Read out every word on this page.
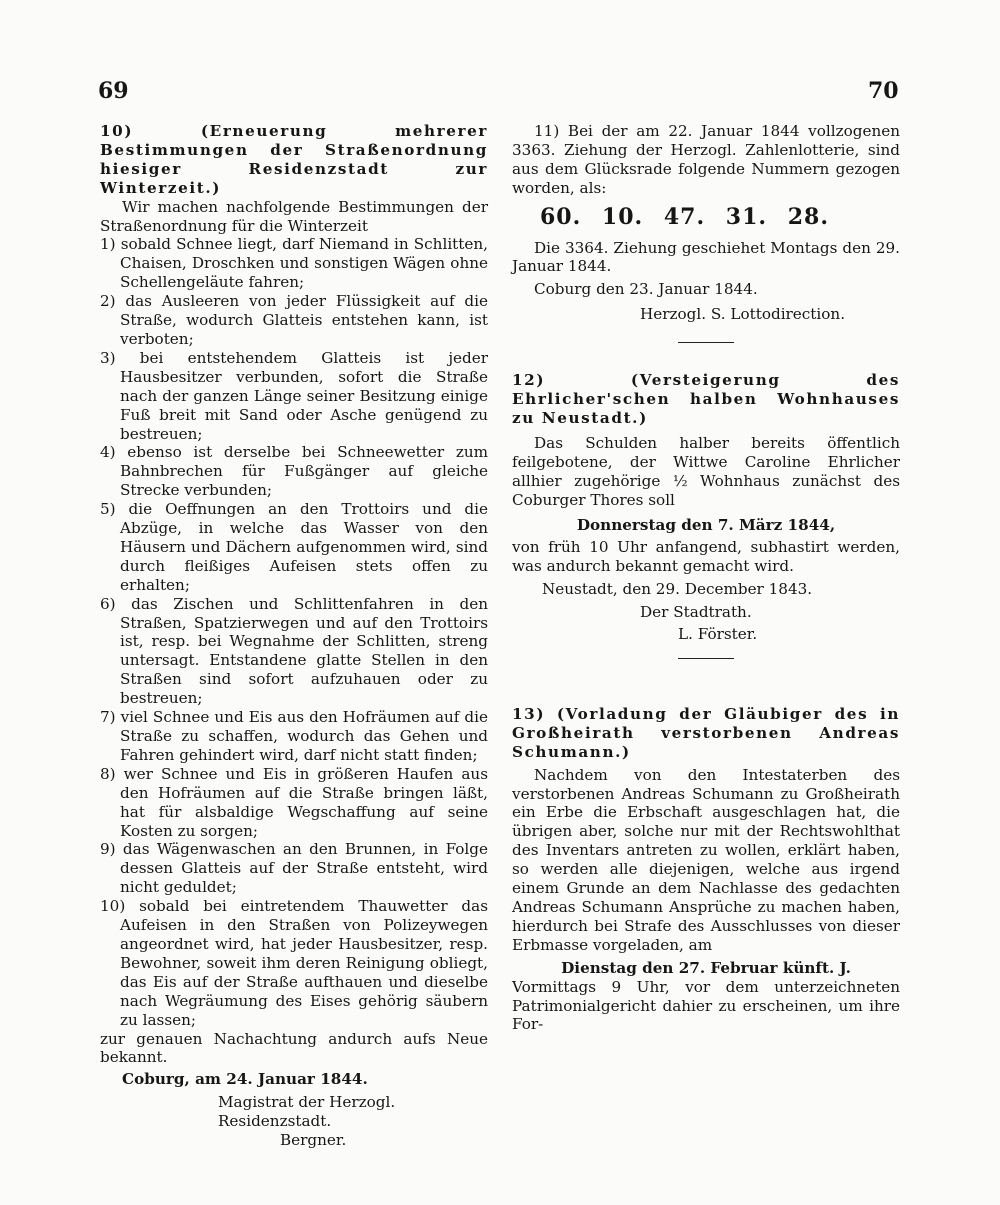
69	70

10) (Erneuerung mehrerer Bestimmungen der Straßenordnung hiesiger Residenzstadt zur Winterzeit.)

Wir machen nachfolgende Bestimmungen der Straßenordnung für die Winterzeit

1) sobald Schnee liegt, darf Niemand in Schlitten, Chaisen, Droschken und sonstigen Wägen ohne Schellengeläute fahren;

2) das Ausleeren von jeder Flüssigkeit auf die Straße, wodurch Glatteis entstehen kann, ist verboten;

3) bei entstehendem Glatteis ist jeder Hausbesitzer verbunden, sofort die Straße nach der ganzen Länge seiner Besitzung einige Fuß breit mit Sand oder Asche genügend zu bestreuen;

4) ebenso ist derselbe bei Schneewetter zum Bahnbrechen für Fußgänger auf gleiche Strecke verbunden;

5) die Oeffnungen an den Trottoirs und die Abzüge, in welche das Wasser von den Häusern und Dächern aufgenommen wird, sind durch fleißiges Aufeisen stets offen zu erhalten;

6) das Zischen und Schlittenfahren in den Straßen, Spatzierwegen und auf den Trottoirs ist, resp. bei Wegnahme der Schlitten, streng untersagt. Entstandene glatte Stellen in den Straßen sind sofort aufzuhauen oder zu bestreuen;

7) viel Schnee und Eis aus den Hofräumen auf die Straße zu schaffen, wodurch das Gehen und Fahren gehindert wird, darf nicht statt finden;

8) wer Schnee und Eis in größeren Haufen aus den Hofräumen auf die Straße bringen läßt, hat für alsbaldige Wegschaffung auf seine Kosten zu sorgen;

9) das Wägenwaschen an den Brunnen, in Folge dessen Glatteis auf der Straße entsteht, wird nicht geduldet;

10) sobald bei eintretendem Thauwetter das Aufeisen in den Straßen von Polizeywegen angeordnet wird, hat jeder Hausbesitzer, resp. Bewohner, soweit ihm deren Reinigung obliegt, das Eis auf der Straße aufthauen und dieselbe nach Wegräumung des Eises gehörig säubern zu lassen;

zur genauen Nachachtung andurch aufs Neue bekannt.

Coburg, am 24. Januar 1844.

Magistrat der Herzogl. Residenzstadt.

Bergner.

11) Bei der am 22. Januar 1844 vollzogenen 3363. Ziehung der Herzogl. Zahlenlotterie, sind aus dem Glücksrade folgende Nummern gezogen worden, als:

60. 10. 47. 31. 28.

Die 3364. Ziehung geschiehet Montags den 29. Januar 1844.

Coburg den 23. Januar 1844.

Herzogl. S. Lottodirection.

12) (Versteigerung des Ehrlicher'schen halben Wohnhauses zu Neustadt.)

Das Schulden halber bereits öffentlich feilgebotene, der Wittwe Caroline Ehrlicher allhier zugehörige ½ Wohnhaus zunächst des Coburger Thores soll

Donnerstag den 7. März 1844,

von früh 10 Uhr anfangend, subhastirt werden, was andurch bekannt gemacht wird.

Neustadt, den 29. December 1843.

Der Stadtrath.

L. Förster.

13) (Vorladung der Gläubiger des in Großheirath verstorbenen Andreas Schumann.)

Nachdem von den Intestaterben des verstorbenen Andreas Schumann zu Großheirath ein Erbe die Erbschaft ausgeschlagen hat, die übrigen aber, solche nur mit der Rechtswohlthat des Inventars antreten zu wollen, erklärt haben, so werden alle diejenigen, welche aus irgend einem Grunde an dem Nachlasse des gedachten Andreas Schumann Ansprüche zu machen haben, hierdurch bei Strafe des Ausschlusses von dieser Erbmasse vorgeladen, am

Dienstag den 27. Februar künft. J.

Vormittags 9 Uhr, vor dem unterzeichneten Patrimonialgericht dahier zu erscheinen, um ihre For-
